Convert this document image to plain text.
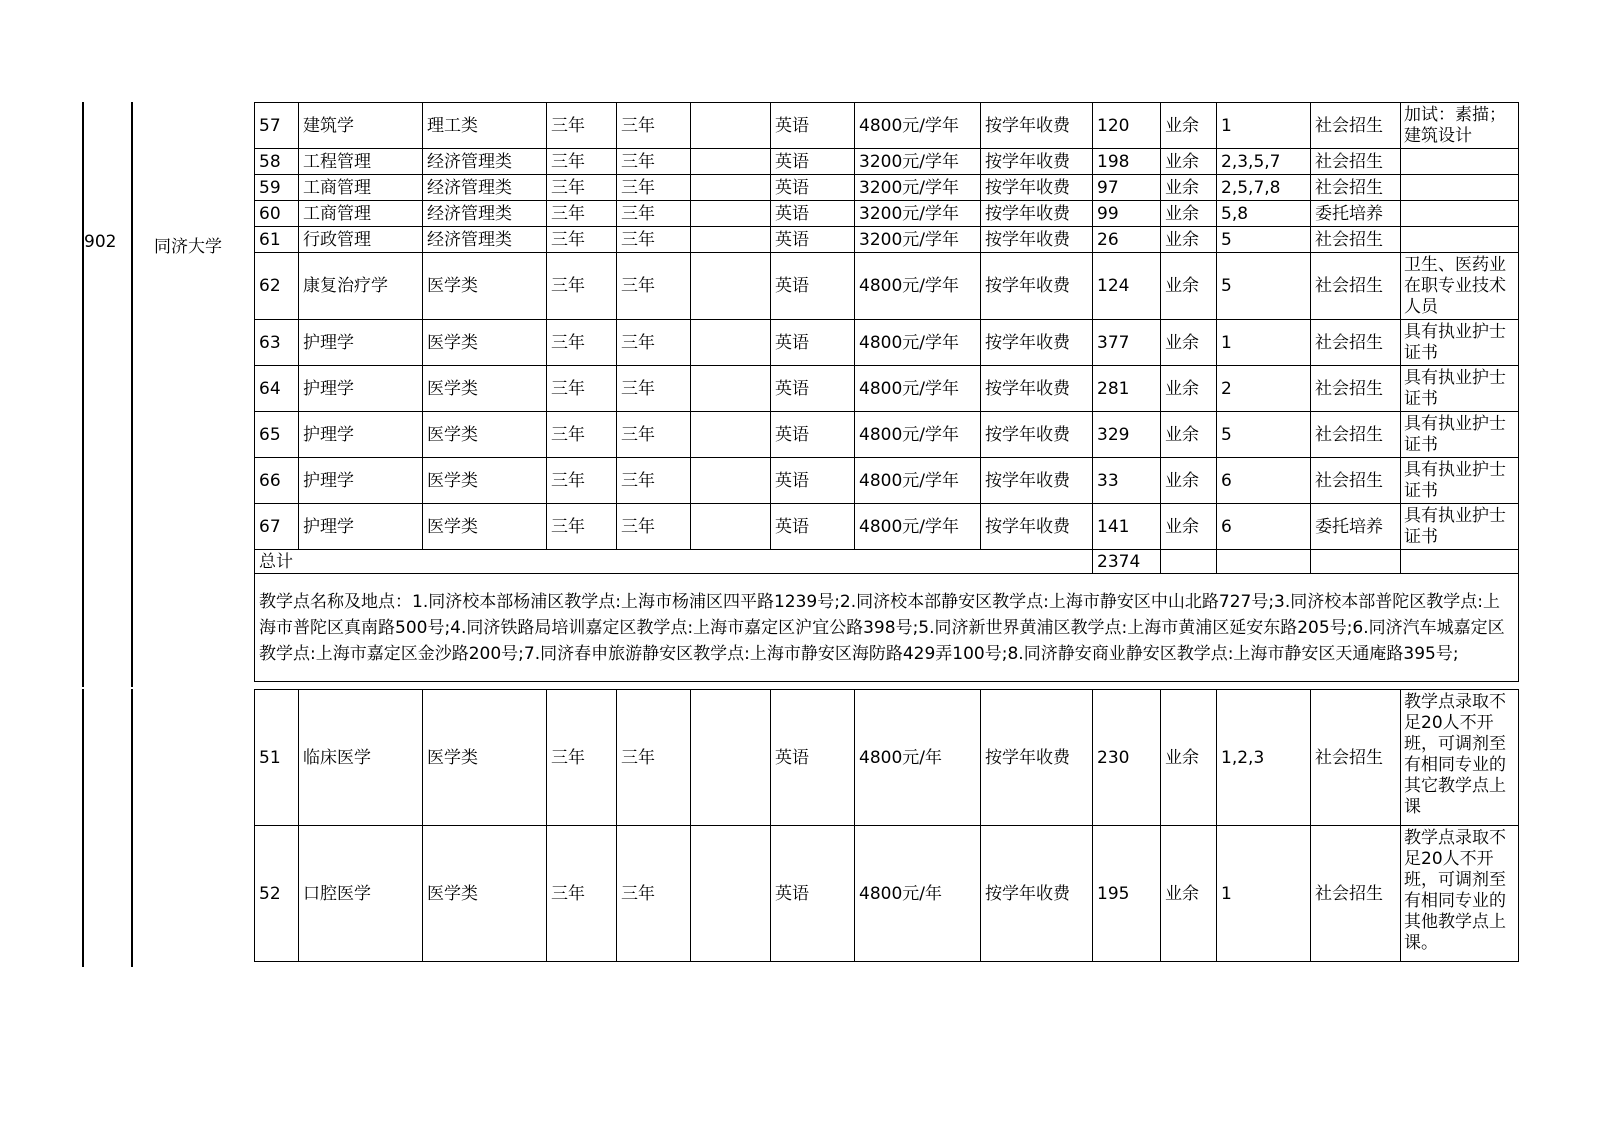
902 同济大学
57	建筑学	理工类	三年	三年		英语	4800元/学年	按学年收费	120	业余	1	社会招生	加试：素描；建筑设计
58	工程管理	经济管理类	三年	三年		英语	3200元/学年	按学年收费	198	业余	2,3,5,7	社会招生	
59	工商管理	经济管理类	三年	三年		英语	3200元/学年	按学年收费	97	业余	2,5,7,8	社会招生	
60	工商管理	经济管理类	三年	三年		英语	3200元/学年	按学年收费	99	业余	5,8	委托培养	
61	行政管理	经济管理类	三年	三年		英语	3200元/学年	按学年收费	26	业余	5	社会招生	
62	康复治疗学	医学类	三年	三年		英语	4800元/学年	按学年收费	124	业余	5	社会招生	卫生、医药业在职专业技术人员
63	护理学	医学类	三年	三年		英语	4800元/学年	按学年收费	377	业余	1	社会招生	具有执业护士证书
64	护理学	医学类	三年	三年		英语	4800元/学年	按学年收费	281	业余	2	社会招生	具有执业护士证书
65	护理学	医学类	三年	三年		英语	4800元/学年	按学年收费	329	业余	5	社会招生	具有执业护士证书
66	护理学	医学类	三年	三年		英语	4800元/学年	按学年收费	33	业余	6	社会招生	具有执业护士证书
67	护理学	医学类	三年	三年		英语	4800元/学年	按学年收费	141	业余	6	委托培养	具有执业护士证书
总计									2374				
教学点名称及地点：1.同济校本部杨浦区教学点:上海市杨浦区四平路1239号;2.同济校本部静安区教学点:上海市静安区中山北路727号;3.同济校本部普陀区教学点:上海市普陀区真南路500号;4.同济铁路局培训嘉定区教学点:上海市嘉定区沪宜公路398号;5.同济新世界黄浦区教学点:上海市黄浦区延安东路205号;6.同济汽车城嘉定区教学点:上海市嘉定区金沙路200号;7.同济春申旅游静安区教学点:上海市静安区海防路429弄100号;8.同济静安商业静安区教学点:上海市静安区天通庵路395号;													
51	临床医学	医学类	三年	三年		英语	4800元/年	按学年收费	230	业余	1,2,3	社会招生	教学点录取不足20人不开班，可调剂至有相同专业的其它教学点上课
52	口腔医学	医学类	三年	三年		英语	4800元/年	按学年收费	195	业余	1	社会招生	教学点录取不足20人不开班，可调剂至有相同专业的其他教学点上课。
